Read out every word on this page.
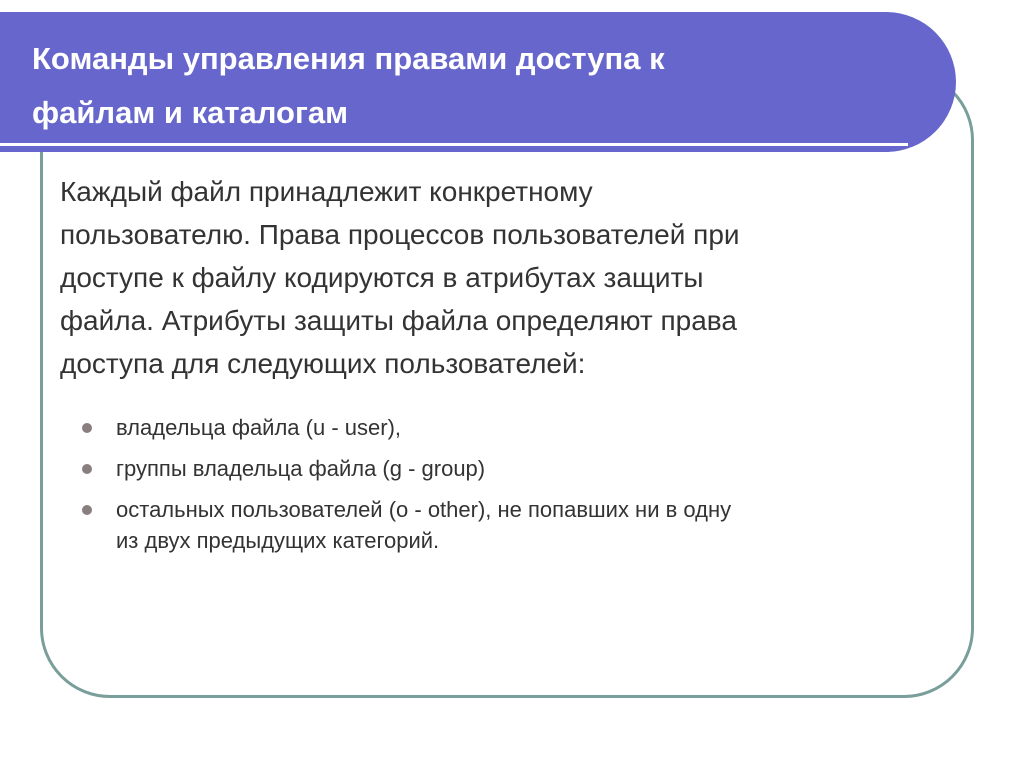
Команды управления правами доступа к
файлам и каталогам
Каждый файл принадлежит конкретному
пользователю. Права процессов пользователей при
доступе к файлу кодируются в атрибутах защиты
файла. Атрибуты защиты файла определяют права
доступа для следующих пользователей:
владельца файла (u - user),
группы владельца файла (g - group)
остальных пользователей (o - other), не попавших ни в одну
из двух предыдущих категорий.
